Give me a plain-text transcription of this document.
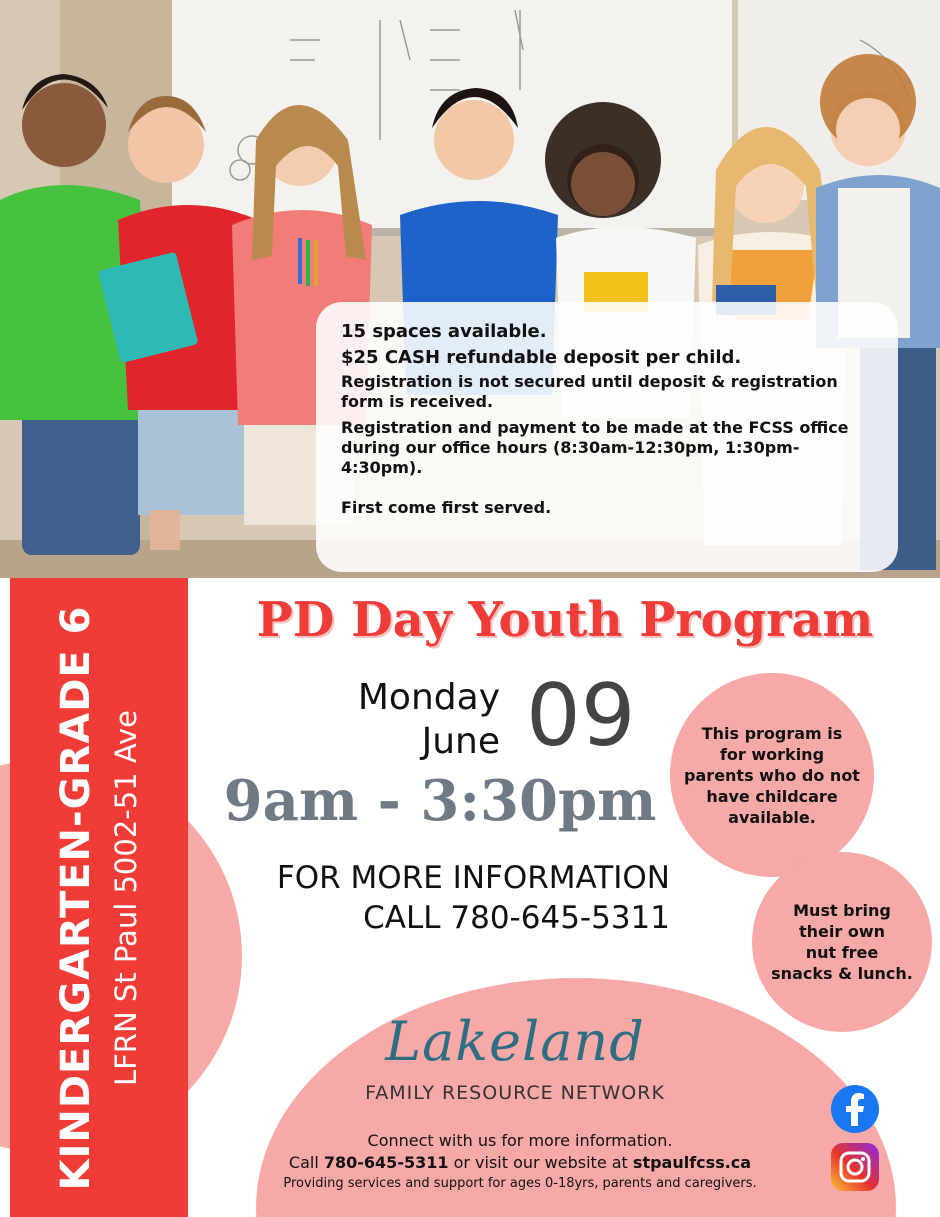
15 spaces available.

$25 CASH refundable deposit per child.

Registration is not secured until deposit & registration form is received.

Registration and payment to be made at the FCSS office during our office hours (8:30am-12:30pm, 1:30pm-4:30pm).

First come first served.

KINDERGARTEN-GRADE 6 LFRN St Paul 5002-51 Ave
PD Day Youth Program
Monday
June 09
9am - 3:30pm
FOR MORE INFORMATION
CALL 780-645-5311
This program is
for working
parents who do not
have childcare
available.
Must bring
their own
nut free
snacks & lunch.
Lakeland
FAMILY RESOURCE NETWORK
Connect with us for more information.
Call 780-645-5311 or visit our website at stpaulfcss.ca
Providing services and support for ages 0-18yrs, parents and caregivers.
